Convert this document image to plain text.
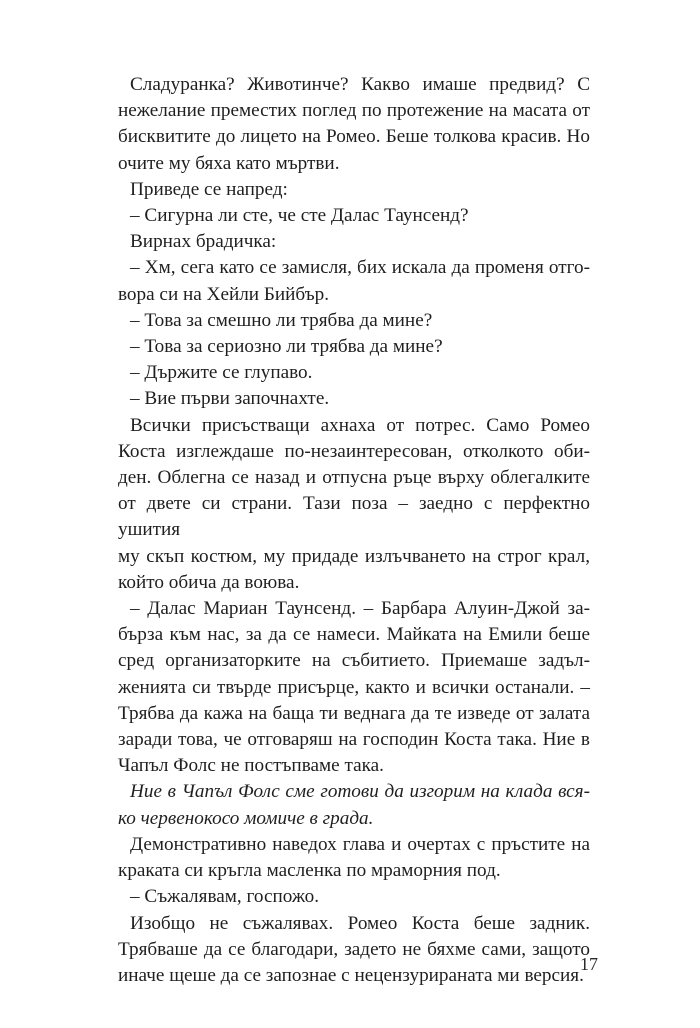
Сладуранка? Животинче? Какво имаше предвид? С
нежелание преместих поглед по протежение на масата от
бисквитите до лицето на Ромео. Беше толкова красив. Но
очите му бяха като мъртви.

Приведе се напред:

– Сигурна ли сте, че сте Далас Таунсенд?

Вирнах брадичка:

– Хм, сега като се замисля, бих искала да променя отго-
вора си на Хейли Бийбър.

– Това за смешно ли трябва да мине?

– Това за сериозно ли трябва да мине?

– Държите се глупаво.

– Вие първи започнахте.

Всички присъстващи ахнаха от потрес. Само Ромео
Коста изглеждаше по-незаинтересован, отколкото оби-
ден. Облегна се назад и отпусна ръце върху облегалките
от двете си страни. Тази поза – заедно с перфектно ушития
му скъп костюм, му придаде излъчването на строг крал,
който обича да воюва.

– Далас Мариан Таунсенд. – Барбара Алуин-Джой за-
бърза към нас, за да се намеси. Майката на Емили беше
сред организаторките на събитието. Приемаше задъл-
женията си твърде присърце, както и всички останали. –
Трябва да кажа на баща ти веднага да те изведе от залата
заради това, че отговаряш на господин Коста така. Ние в
Чапъл Фолс не постъпваме така.

Ние в Чапъл Фолс сме готови да изгорим на клада вся-
ко червенокосо момиче в града.

Демонстративно наведох глава и очертах с пръстите на
краката си кръгла масленка по мраморния под.

– Съжалявам, госпожо.

Изобщо не съжалявах. Ромео Коста беше задник.
Трябваше да се благодари, задето не бяхме сами, защото
иначе щеше да се запознае с нецензурираната ми версия.

17
